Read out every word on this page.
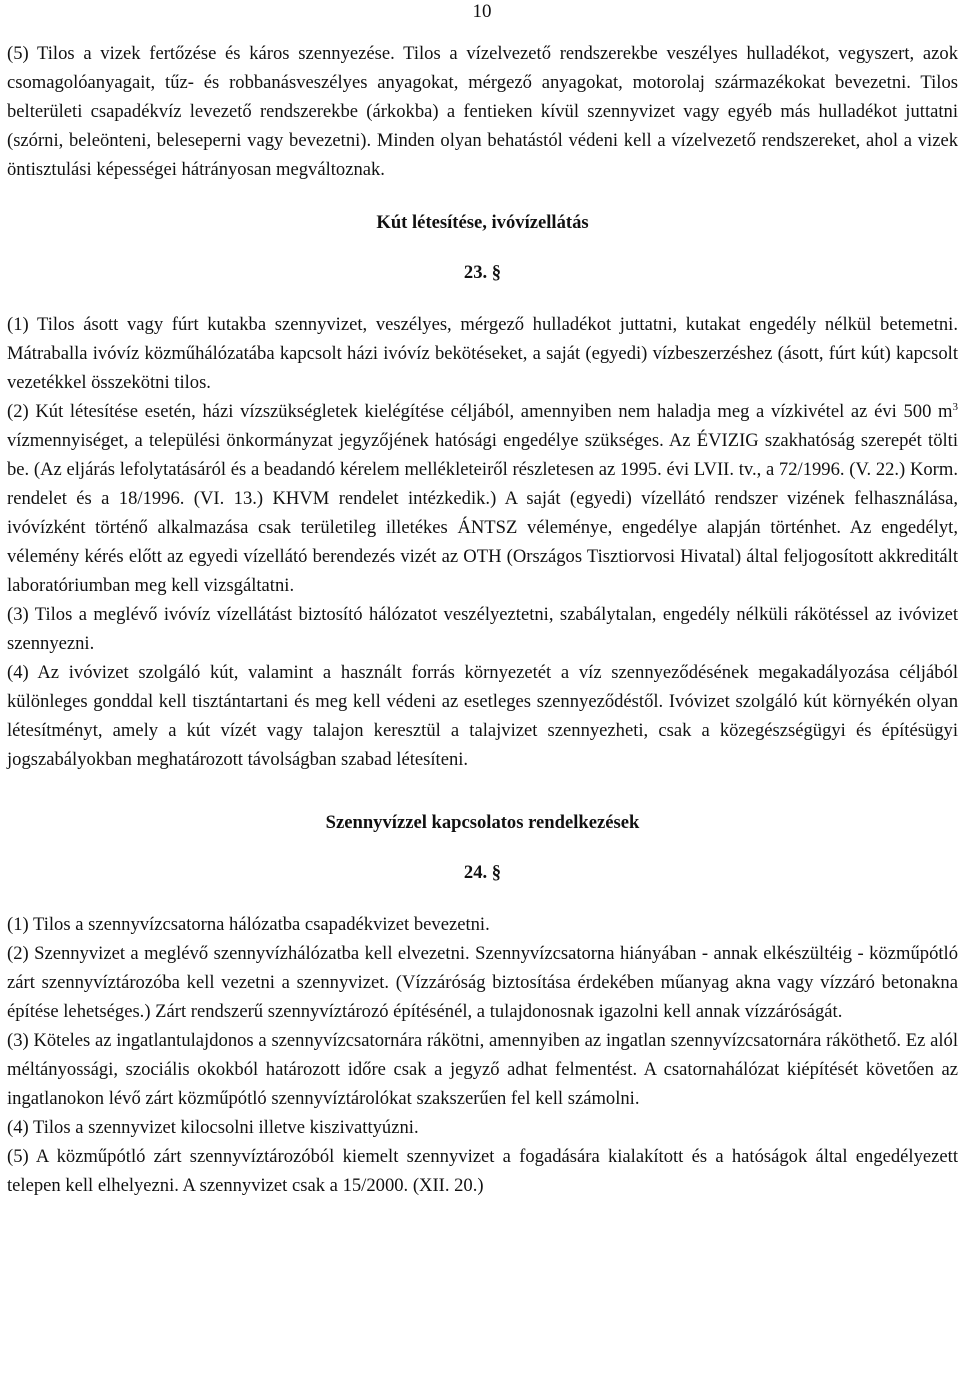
10

(5) Tilos a vizek fertőzése és káros szennyezése. Tilos a vízelvezető rendszerekbe veszélyes hulladékot, vegyszert, azok csomagolóanyagait, tűz- és robbanásveszélyes anyagokat, mérgező anyagokat, motorolaj származékokat bevezetni. Tilos belterületi csapadékvíz levezető rendszerekbe (árkokba) a fentieken kívül szennyvizet vagy egyéb más hulladékot juttatni (szórni, beleönteni, beleseperni vagy bevezetni). Minden olyan behatástól védeni kell a vízelvezető rendszereket, ahol a vizek öntisztulási képességei hátrányosan megváltoznak.

Kút létesítése, ivóvízellátás

23. §

(1) Tilos ásott vagy fúrt kutakba szennyvizet, veszélyes, mérgező hulladékot juttatni, kutakat engedély nélkül betemetni. Mátraballa ivóvíz közműhálózatába kapcsolt házi ivóvíz bekötéseket, a saját (egyedi) vízbeszerzéshez (ásott, fúrt kút) kapcsolt vezetékkel összekötni tilos.

(2) Kút létesítése esetén, házi vízszükségletek kielégítése céljából, amennyiben nem haladja meg a vízkivétel az évi 500 $m^3$ vízmennyiséget, a települési önkormányzat jegyzőjének hatósági engedélye szükséges. Az ÉVIZIG szakhatóság szerepét tölti be. (Az eljárás lefolytatásáról és a beadandó kérelem mellékleteiről részletesen az 1995. évi LVII. tv., a 72/1996. (V. 22.) Korm. rendelet és a 18/1996. (VI. 13.) KHVM rendelet intézkedik.) A saját (egyedi) vízellátó rendszer vizének felhasználása, ivóvízként történő alkalmazása csak területileg illetékes ÁNTSZ véleménye, engedélye alapján történhet. Az engedélyt, vélemény kérés előtt az egyedi vízellátó berendezés vizét az OTH (Országos Tisztiorvosi Hivatal) által feljogosított akkreditált laboratóriumban meg kell vizsgáltatni.

(3) Tilos a meglévő ivóvíz vízellátást biztosító hálózatot veszélyeztetni, szabálytalan, engedély nélküli rákötéssel az ivóvizet szennyezni.

(4) Az ivóvizet szolgáló kút, valamint a használt forrás környezetét a víz szennyeződésének megakadályozása céljából különleges gonddal kell tisztántartani és meg kell védeni az esetleges szennyeződéstől. Ivóvizet szolgáló kút környékén olyan létesítményt, amely a kút vízét vagy talajon keresztül a talajvizet szennyezheti, csak a közegészségügyi és építésügyi jogszabályokban meghatározott távolságban szabad létesíteni.

Szennyvízzel kapcsolatos rendelkezések

24. §

(1) Tilos a szennyvízcsatorna hálózatba csapadékvizet bevezetni.

(2) Szennyvizet a meglévő szennyvízhálózatba kell elvezetni. Szennyvízcsatorna hiányában - annak elkészültéig - közműpótló zárt szennyvíztározóba kell vezetni a szennyvizet. (Vízzáróság biztosítása érdekében műanyag akna vagy vízzáró betonakna építése lehetséges.) Zárt rendszerű szennyvíztározó építésénél, a tulajdonosnak igazolni kell annak vízzáróságát.

(3) Köteles az ingatlantulajdonos a szennyvízcsatornára rákötni, amennyiben az ingatlan szennyvízcsatornára ráköthető. Ez alól méltányossági, szociális okokból határozott időre csak a jegyző adhat felmentést. A csatornahálózat kiépítését követően az ingatlanokon lévő zárt közműpótló szennyvíztárolókat szakszerűen fel kell számolni.

(4) Tilos a szennyvizet kilocsolni illetve kiszivattyúzni.

(5) A közműpótló zárt szennyvíztározóból kiemelt szennyvizet a fogadására kialakított és a hatóságok által engedélyezett telepen kell elhelyezni. A szennyvizet csak a 15/2000. (XII. 20.)
